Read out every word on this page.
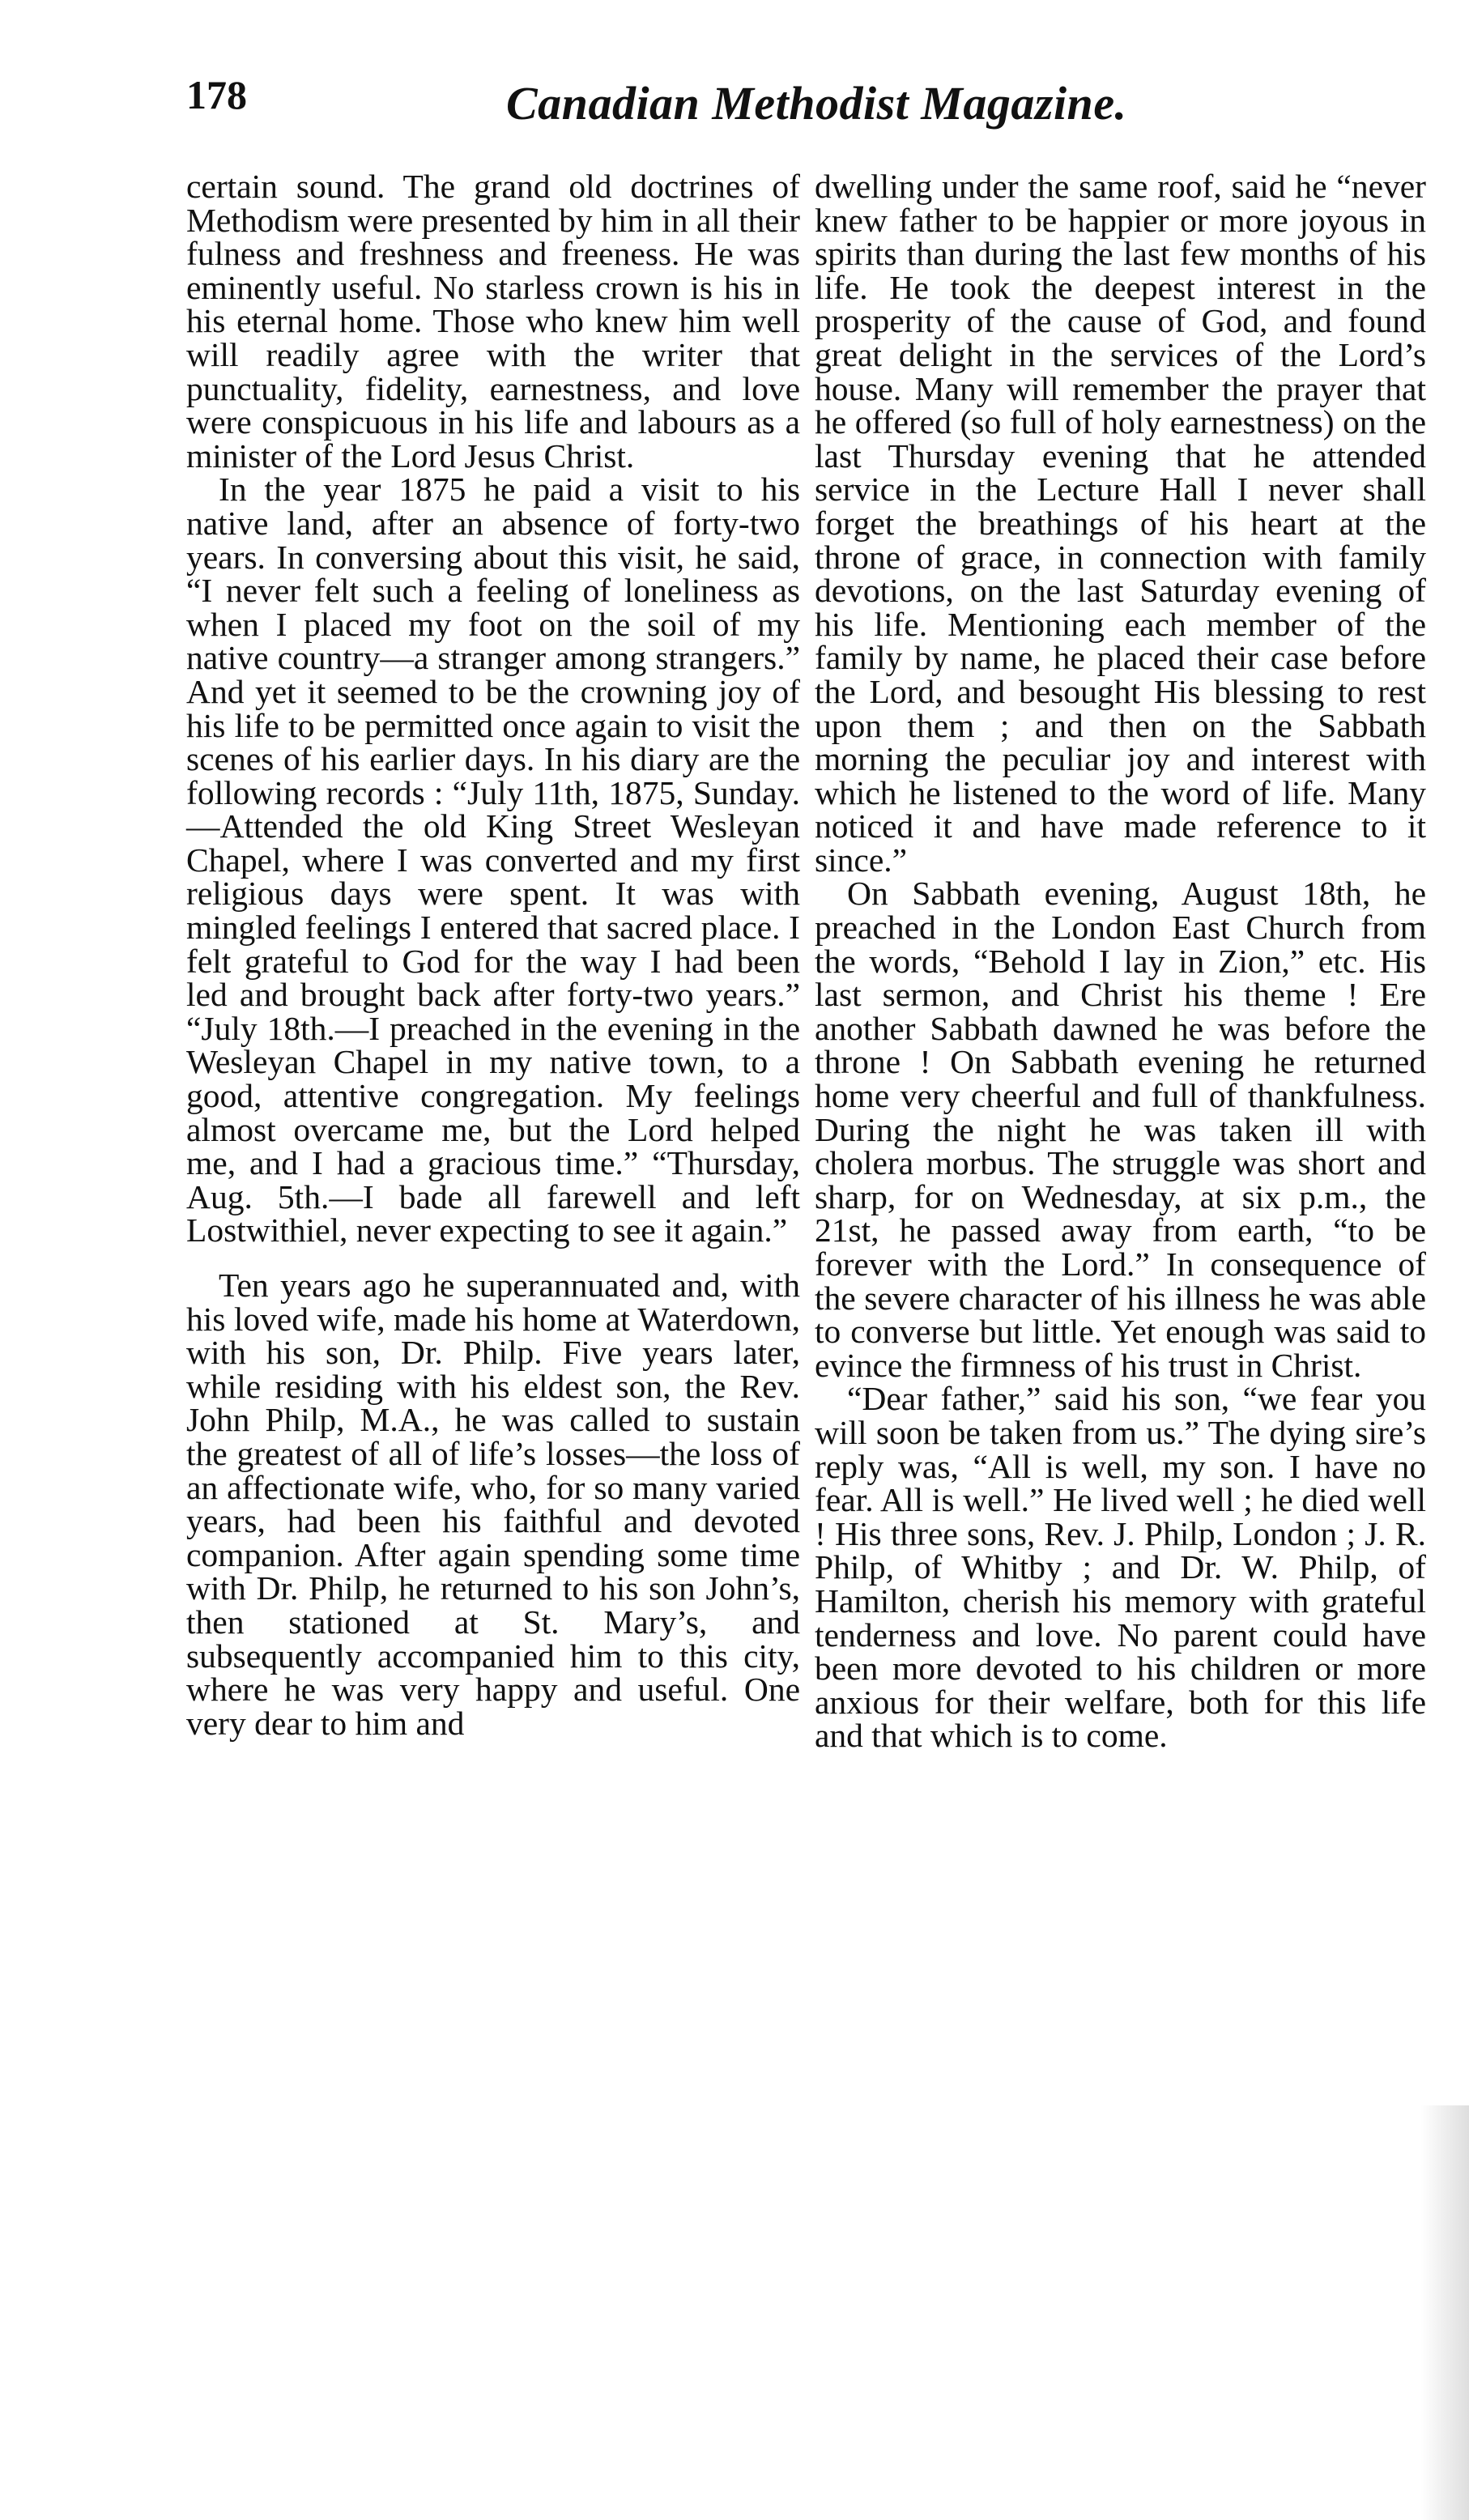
178	Canadian Methodist Magazine.

certain sound. The grand old doctrines of Methodism were presented by him in all their fulness and freshness and freeness. He was eminently useful. No starless crown is his in his eternal home. Those who knew him well will readily agree with the writer that punctuality, fidelity, earnestness, and love were conspicuous in his life and labours as a minister of the Lord Jesus Christ.

In the year 1875 he paid a visit to his native land, after an absence of forty-two years. In conversing about this visit, he said, “I never felt such a feeling of loneliness as when I placed my foot on the soil of my native country—a stranger among strangers.” And yet it seemed to be the crowning joy of his life to be permitted once again to visit the scenes of his earlier days. In his diary are the following records : “July 11th, 1875, Sunday.—Attended the old King Street Wesleyan Chapel, where I was converted and my first religious days were spent. It was with mingled feelings I entered that sacred place. I felt grateful to God for the way I had been led and brought back after forty-two years.” “July 18th.—I preached in the evening in the Wesleyan Chapel in my native town, to a good, attentive congregation. My feelings almost overcame me, but the Lord helped me, and I had a gracious time.” “Thursday, Aug. 5th.—I bade all farewell and left Lostwithiel, never expecting to see it again.”

Ten years ago he superannuated and, with his loved wife, made his home at Waterdown, with his son, Dr. Philp. Five years later, while residing with his eldest son, the Rev. John Philp, M.A., he was called to sustain the greatest of all of life’s losses—the loss of an affectionate wife, who, for so many varied years, had been his faithful and devoted companion. After again spending some time with Dr. Philp, he returned to his son John’s, then stationed at St. Mary’s, and subsequently accompanied him to this city, where he was very happy and useful. One very dear to him and

dwelling under the same roof, said he “never knew father to be happier or more joyous in spirits than during the last few months of his life. He took the deepest interest in the prosperity of the cause of God, and found great delight in the services of the Lord’s house. Many will remember the prayer that he offered (so full of holy earnestness) on the last Thursday evening that he attended service in the Lecture Hall I never shall forget the breathings of his heart at the throne of grace, in connection with family devotions, on the last Saturday evening of his life. Mentioning each member of the family by name, he placed their case before the Lord, and besought His blessing to rest upon them ; and then on the Sabbath morning the peculiar joy and interest with which he listened to the word of life. Many noticed it and have made reference to it since.”

On Sabbath evening, August 18th, he preached in the London East Church from the words, “Behold I lay in Zion,” etc. His last sermon, and Christ his theme ! Ere another Sabbath dawned he was before the throne ! On Sabbath evening he returned home very cheerful and full of thankfulness. During the night he was taken ill with cholera morbus. The struggle was short and sharp, for on Wednesday, at six p.m., the 21st, he passed away from earth, “to be forever with the Lord.” In consequence of the severe character of his illness he was able to converse but little. Yet enough was said to evince the firmness of his trust in Christ.

“Dear father,” said his son, “we fear you will soon be taken from us.” The dying sire’s reply was, “All is well, my son. I have no fear. All is well.” He lived well ; he died well ! His three sons, Rev. J. Philp, London ; J. R. Philp, of Whitby ; and Dr. W. Philp, of Hamilton, cherish his memory with grateful tenderness and love. No parent could have been more devoted to his children or more anxious for their welfare, both for this life and that which is to come.
